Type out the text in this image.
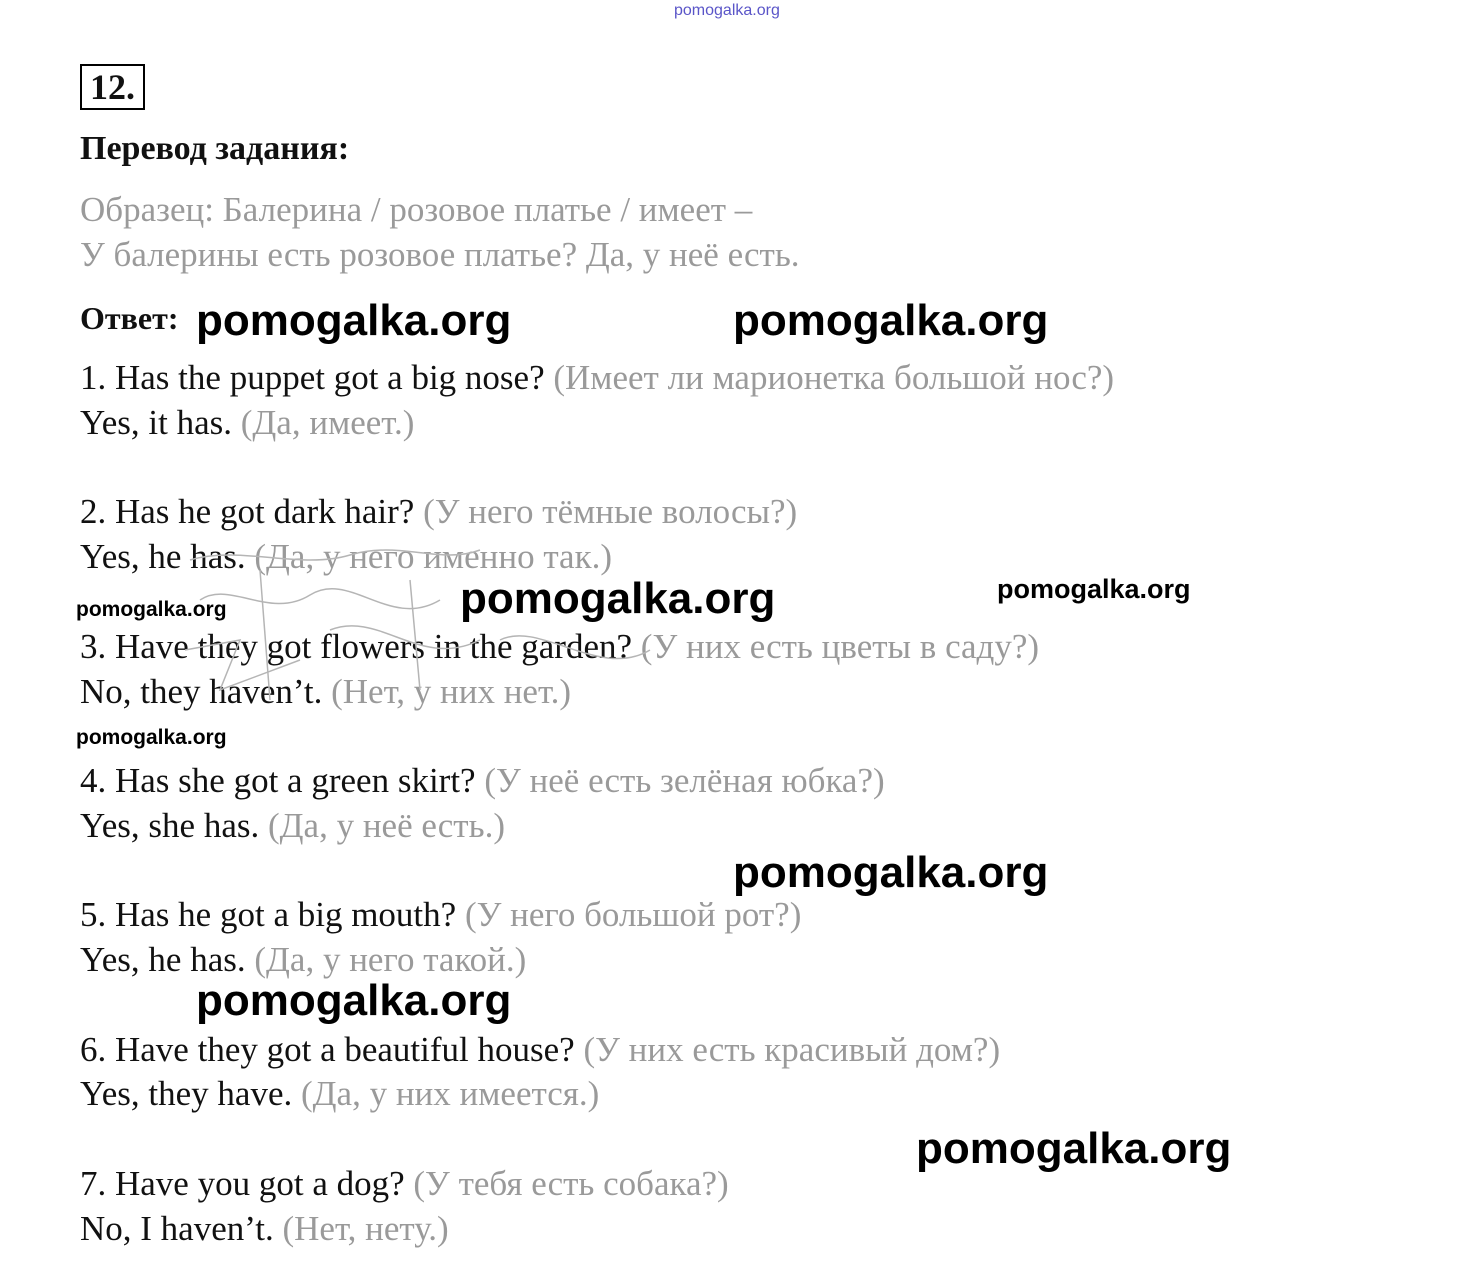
pomogalka.org
12.
Перевод задания:
Образец: Балерина / розовое платье / имеет –
У балерины есть розовое платье? Да, у неё есть.
Ответ:
1. Has the puppet got a big nose? (Имеет ли марионетка большой нос?)
Yes, it has. (Да, имеет.)
2. Has he got dark hair? (У него тёмные волосы?)
Yes, he has. (Да, у него именно так.)
3. Have they got flowers in the garden? (У них есть цветы в саду?)
No, they haven’t. (Нет, у них нет.)
4. Has she got a green skirt? (У неё есть зелёная юбка?)
Yes, she has. (Да, у неё есть.)
5. Has he got a big mouth? (У него большой рот?)
Yes, he has. (Да, у него такой.)
6. Have they got a beautiful house? (У них есть красивый дом?)
Yes, they have. (Да, у них имеется.)
7. Have you got a dog? (У тебя есть собака?)
No, I haven’t. (Нет, нету.)
pomogalka.org	pomogalka.org
pomogalka.org	pomogalka.org
pomogalka.org
pomogalka.org
pomogalka.org
pomogalka.org
pomogalka.org
